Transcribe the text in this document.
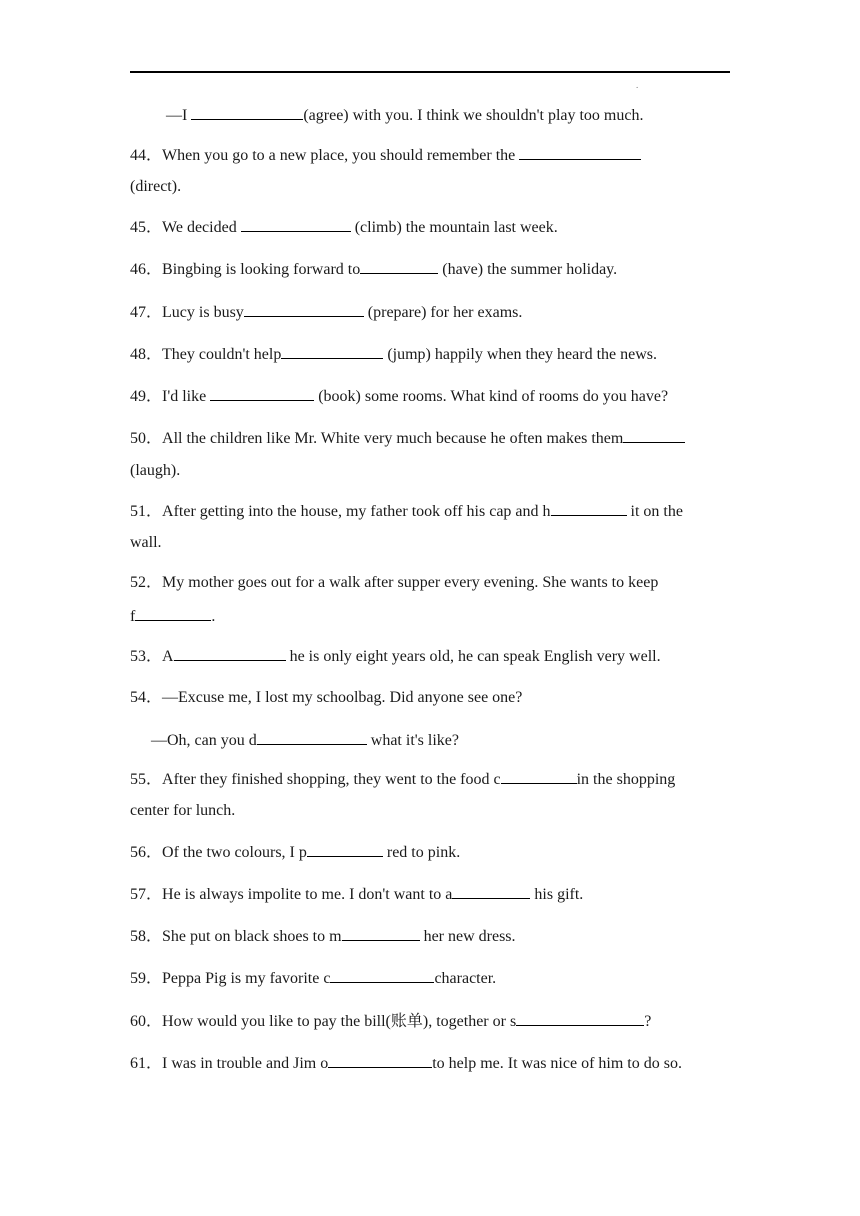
.
—I	(agree) with you. I think we shouldn't play too much.
44．When you go to a new place, you should remember the
(direct).
45．We decided	(climb) the mountain last week.
46．Bingbing is looking forward to	(have) the summer holiday.
47．Lucy is busy	(prepare) for her exams.
48．They couldn't help	(jump) happily when they heard the news.
49．I'd like	(book) some rooms. What kind of rooms do you have?
50．All the children like Mr. White very much because he often makes them
(laugh).
51．After getting into the house, my father took off his cap and h	it on the
wall.
52．My mother goes out for a walk after supper every evening. She wants to keep
f	.
53．A	he is only eight years old, he can speak English very well.
54．—Excuse me, I lost my schoolbag. Did anyone see one?
—Oh, can you d	what it's like?
55．After they finished shopping, they went to the food c	in the shopping
center for lunch.
56．Of the two colours, I p	red to pink.
57．He is always impolite to me. I don't want to a	his gift.
58．She put on black shoes to m	her new dress.
59．Peppa Pig is my favorite c	character.
60．How would you like to pay the bill(账单), together or s	?
61．I was in trouble and Jim o	to help me. It was nice of him to do so.
